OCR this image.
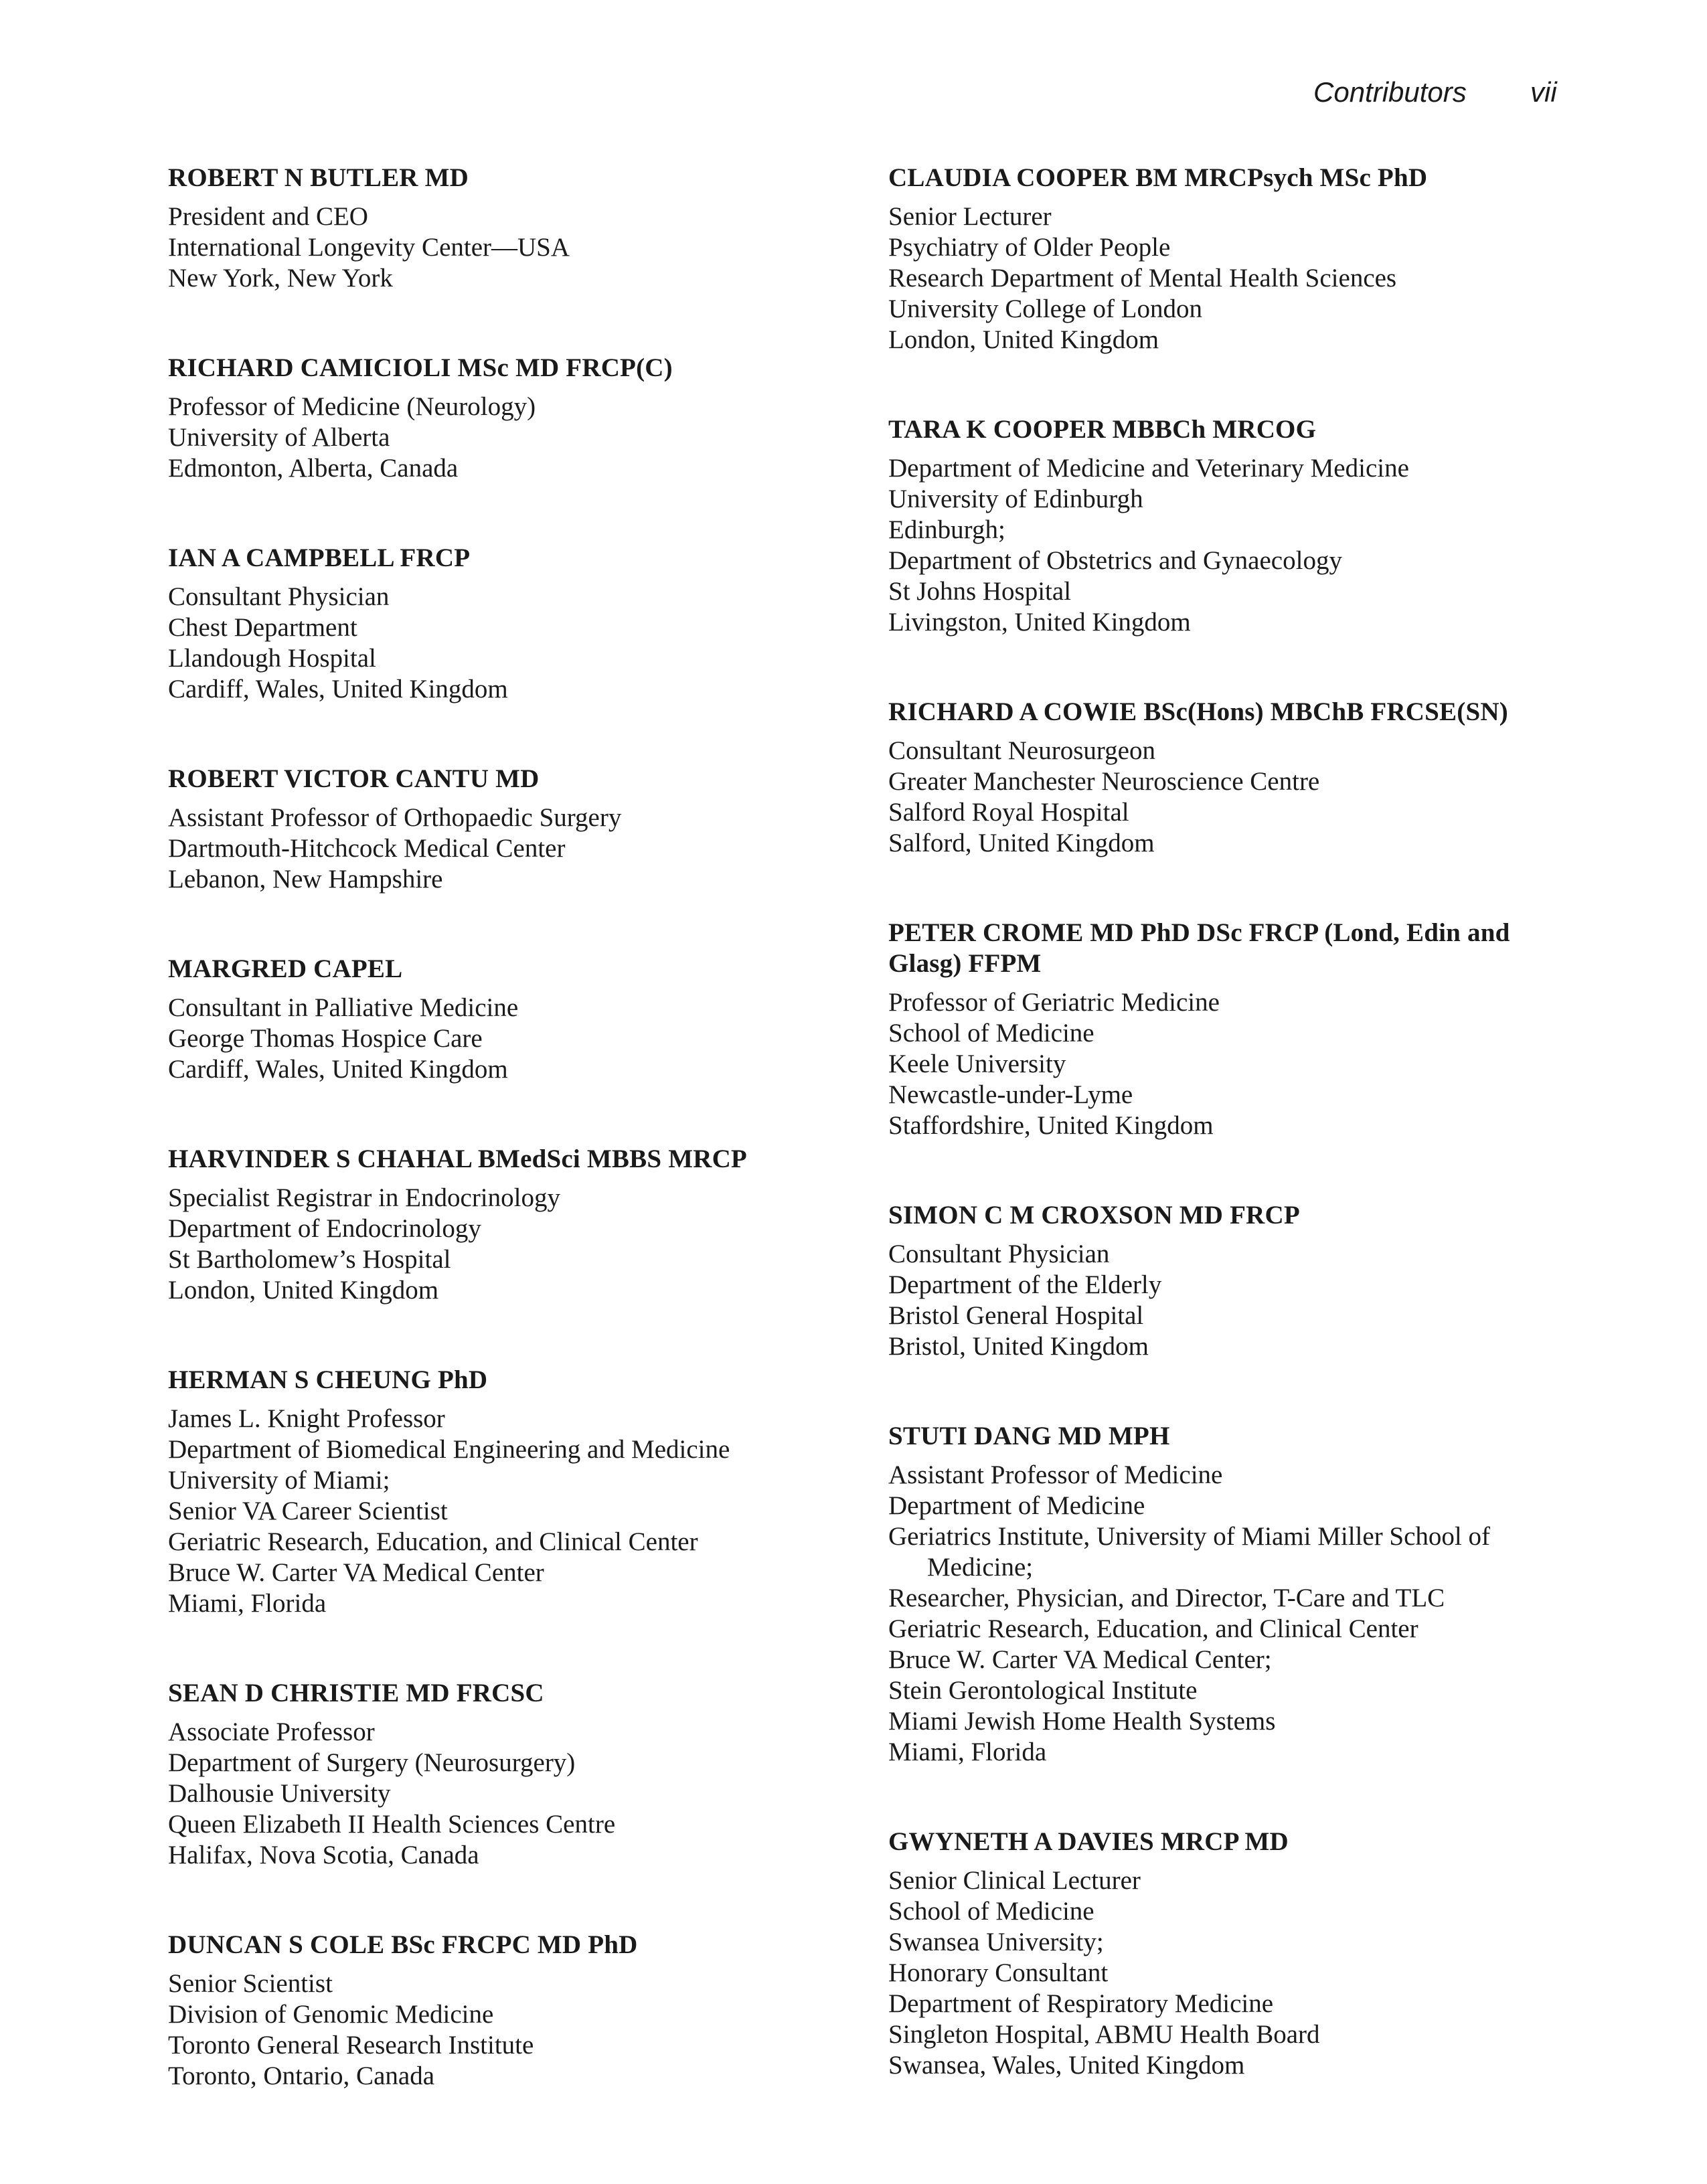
Contributors vii
ROBERT N BUTLER MD
President and CEO
International Longevity Center—USA
New York, New York
RICHARD CAMICIOLI MSc MD FRCP(C)
Professor of Medicine (Neurology)
University of Alberta
Edmonton, Alberta, Canada
IAN A CAMPBELL FRCP
Consultant Physician
Chest Department
Llandough Hospital
Cardiff, Wales, United Kingdom
ROBERT VICTOR CANTU MD
Assistant Professor of Orthopaedic Surgery
Dartmouth-Hitchcock Medical Center
Lebanon, New Hampshire
MARGRED CAPEL
Consultant in Palliative Medicine
George Thomas Hospice Care
Cardiff, Wales, United Kingdom
HARVINDER S CHAHAL BMedSci MBBS MRCP
Specialist Registrar in Endocrinology
Department of Endocrinology
St Bartholomew’s Hospital
London, United Kingdom
HERMAN S CHEUNG PhD
James L. Knight Professor
Department of Biomedical Engineering and Medicine
University of Miami;
Senior VA Career Scientist
Geriatric Research, Education, and Clinical Center
Bruce W. Carter VA Medical Center
Miami, Florida
SEAN D CHRISTIE MD FRCSC
Associate Professor
Department of Surgery (Neurosurgery)
Dalhousie University
Queen Elizabeth II Health Sciences Centre
Halifax, Nova Scotia, Canada
DUNCAN S COLE BSc FRCPC MD PhD
Senior Scientist
Division of Genomic Medicine
Toronto General Research Institute
Toronto, Ontario, Canada
CLAUDIA COOPER BM MRCPsych MSc PhD
Senior Lecturer
Psychiatry of Older People
Research Department of Mental Health Sciences
University College of London
London, United Kingdom
TARA K COOPER MBBCh MRCOG
Department of Medicine and Veterinary Medicine
University of Edinburgh
Edinburgh;
Department of Obstetrics and Gynaecology
St Johns Hospital
Livingston, United Kingdom
RICHARD A COWIE BSc(Hons) MBChB FRCSE(SN)
Consultant Neurosurgeon
Greater Manchester Neuroscience Centre
Salford Royal Hospital
Salford, United Kingdom
PETER CROME MD PhD DSc FRCP (Lond, Edin and Glasg) FFPM
Professor of Geriatric Medicine
School of Medicine
Keele University
Newcastle-under-Lyme
Staffordshire, United Kingdom
SIMON C M CROXSON MD FRCP
Consultant Physician
Department of the Elderly
Bristol General Hospital
Bristol, United Kingdom
STUTI DANG MD MPH
Assistant Professor of Medicine
Department of Medicine
Geriatrics Institute, University of Miami Miller School of Medicine;
Researcher, Physician, and Director, T-Care and TLC
Geriatric Research, Education, and Clinical Center
Bruce W. Carter VA Medical Center;
Stein Gerontological Institute
Miami Jewish Home Health Systems
Miami, Florida
GWYNETH A DAVIES MRCP MD
Senior Clinical Lecturer
School of Medicine
Swansea University;
Honorary Consultant
Department of Respiratory Medicine
Singleton Hospital, ABMU Health Board
Swansea, Wales, United Kingdom
